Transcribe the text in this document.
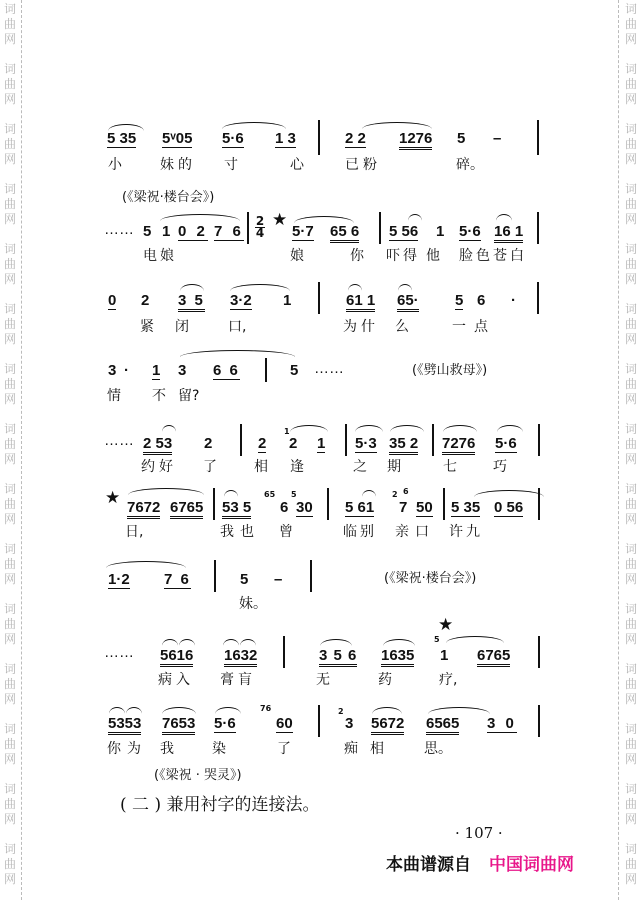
词
曲
网
词
曲
网
词
曲
网
词
曲
网
词
曲
网
词
曲
网
词
曲
网
词
曲
网
词
曲
网
词
曲
网
词
曲
网
词
曲
网
词
曲
网
词
曲
网
词
曲
网
词
曲
网
词
曲
网
词
曲
网
词
曲
网
词
曲
网
词
曲
网
词
曲
网
词
曲
网
词
曲
网
词
曲
网
词
曲
网
词
曲
网
词
曲
网
词
曲
网
词
曲
网
5 35 5ᵛ05 5·6 1 3	2 2 1276 5 –
小	妹的 寸	心	已粉	碎。
(《梁祝·楼台会》)
…… 5 1 0 2 7 6
2
4
★
5·7 65 6 5 56 1 5·6 16 1
电娘	娘	你 吓得 他 脸色苍白
0 2 3 5 3·2 1	61 1 65· 5 6 ·
紧 闭	口,	为什 么	一点
3 · 1 3 6 6	5 ……	(《劈山救母》)
情 不 留?
…… 2 53 2	2
1
2 1 5·3 35 2 7276 5·6
约好 了	相 逢	之 期	七	巧
★ 7672 6765 53 5
65
6
5
30 5 61
2 6
7 50 5 35 0 56
日,	我也 曾	临别 亲口 许九
1·2 7 6	5 –	(《梁祝·楼台会》)
妹。
…… 5616 1632	3 5 6 1635
★
5
1 6765
病入 膏肓	无	药	疗,
5353 7653 5·6
76
60
2
3 5672 6565 3 0
你为 我	染	了	痴 相	思。
(《梁祝 · 哭灵》)
( 二 ) 兼用衬字的连接法。
· 107 ·
本曲谱源自 中国词曲网
